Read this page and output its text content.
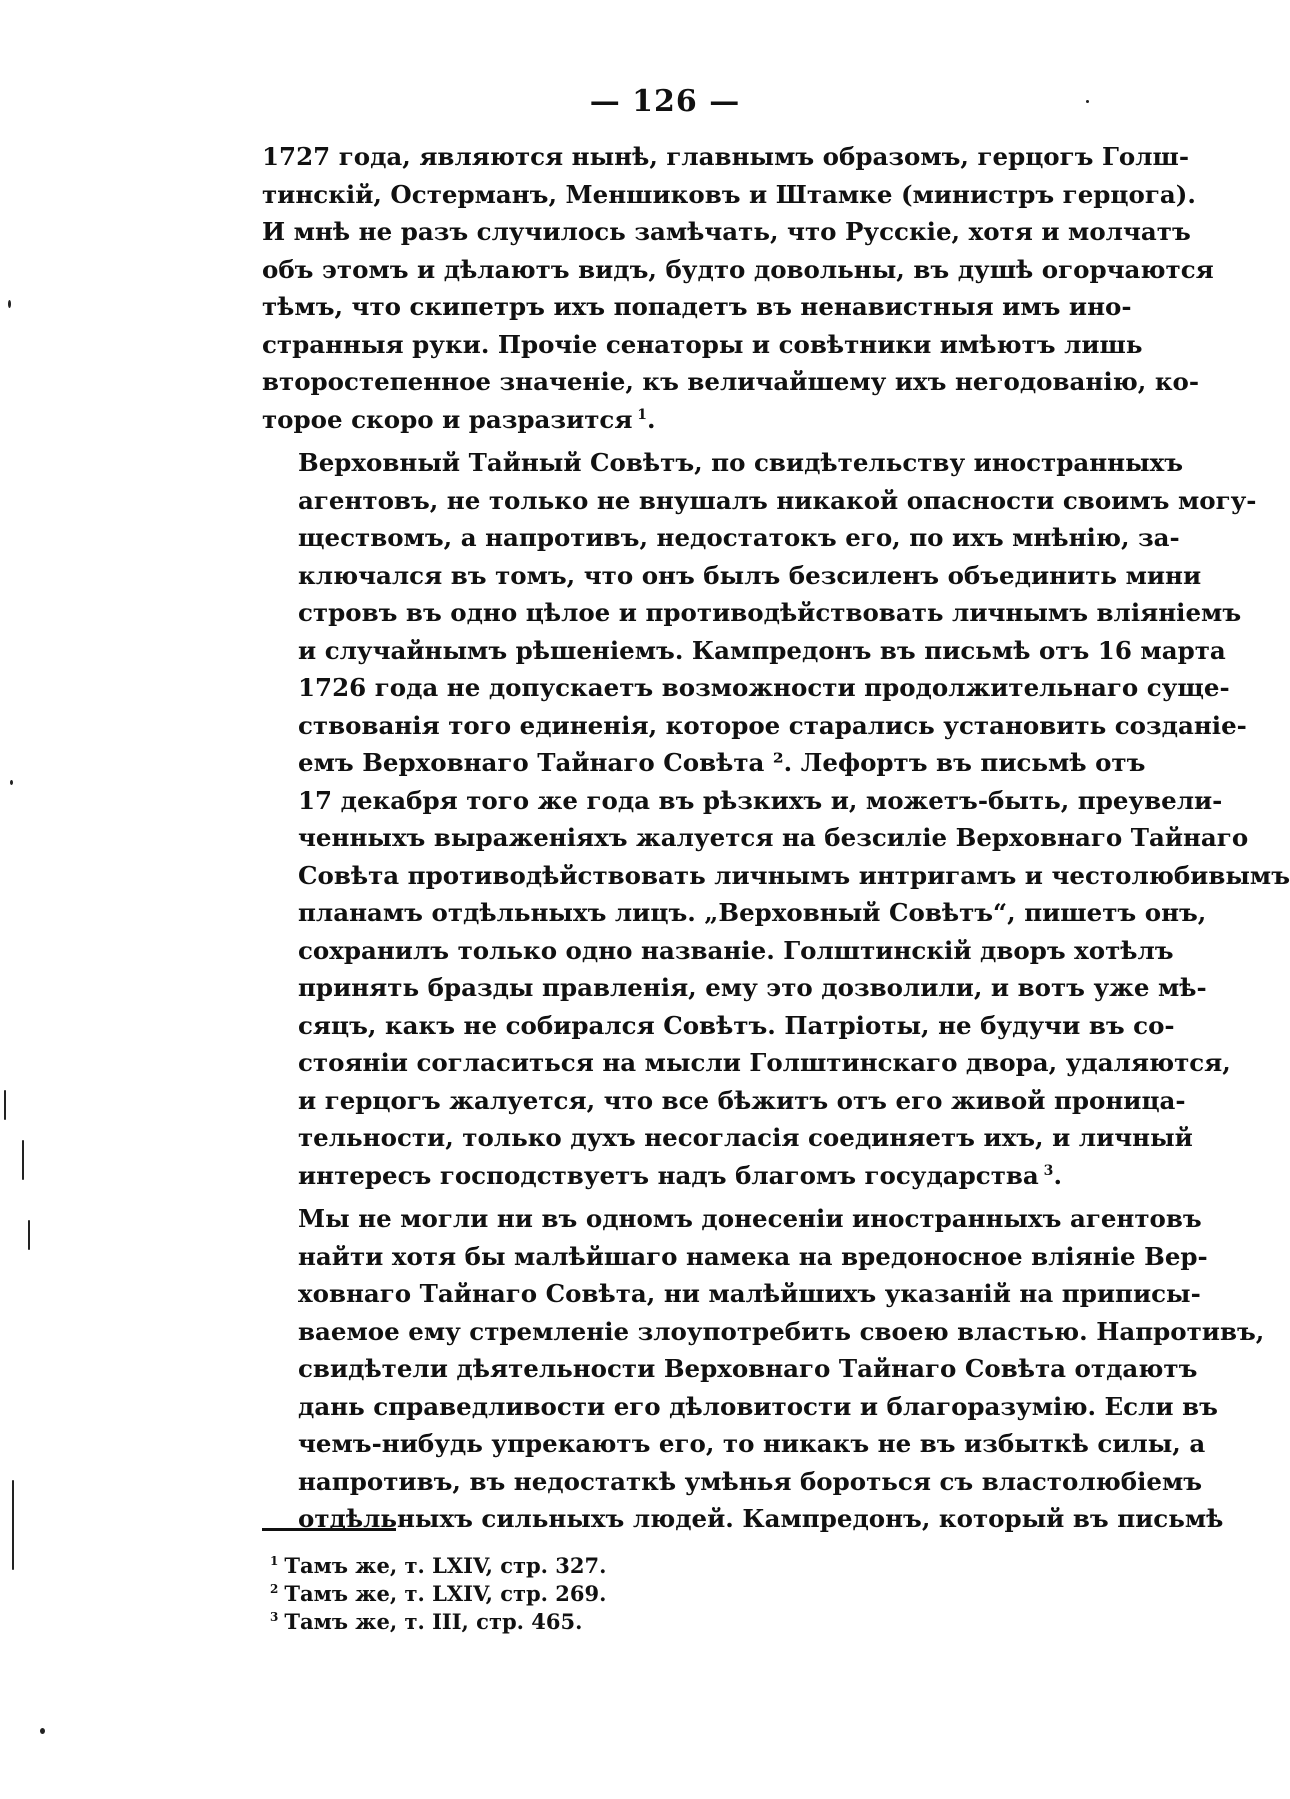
— 126 —
1727 года, являются нынѣ, главнымъ образомъ, герцогъ Голш-
тинскій, Остерманъ, Меншиковъ и Штамке (министръ герцога).
И мнѣ не разъ случилось замѣчать, что Русскіе, хотя и молчатъ
объ этомъ и дѣлаютъ видъ, будто довольны, въ душѣ огорчаются
тѣмъ, что скипетръ ихъ попадетъ въ ненавистныя имъ ино-
странныя руки. Прочіе сенаторы и совѣтники имѣютъ лишь
второстепенное значеніе, къ величайшему ихъ негодованію, ко-
торое скоро и разразится $^1$.
Верховный Тайный Совѣтъ, по свидѣтельству иностранныхъ
агентовъ, не только не внушалъ никакой опасности своимъ могу-
ществомъ, а напротивъ, недостатокъ его, по ихъ мнѣнію, за-
ключался въ томъ, что онъ былъ безсиленъ объединить мини
стровъ въ одно цѣлое и противодѣйствовать личнымъ вліяніемъ
и случайнымъ рѣшеніемъ. Кампредонъ въ письмѣ отъ 16 марта
1726 года не допускаетъ возможности продолжительнаго суще-
ствованія того единенія, которое старались установить созданіе-
емъ Верховнаго Тайнаго Совѣта ². Лефортъ въ письмѣ отъ
17 декабря того же года въ рѣзкихъ и, можетъ-быть, преувели-
ченныхъ выраженіяхъ жалуется на безсиліе Верховнаго Тайнаго
Совѣта противодѣйствовать личнымъ интригамъ и честолюбивымъ
планамъ отдѣльныхъ лицъ. „Верховный Совѣтъ“, пишетъ онъ,
сохранилъ только одно названіе. Голштинскій дворъ хотѣлъ
принять бразды правленія, ему это дозволили, и вотъ уже мѣ-
сяцъ, какъ не собирался Совѣтъ. Патріоты, не будучи въ со-
стояніи согласиться на мысли Голштинскаго двора, удаляются,
и герцогъ жалуется, что все бѣжитъ отъ его живой проница-
тельности, только духъ несогласія соединяетъ ихъ, и личный
интересъ господствуетъ надъ благомъ государства $^3$.
Мы не могли ни въ одномъ донесеніи иностранныхъ агентовъ
найти хотя бы малѣйшаго намека на вредоносное вліяніе Вер-
ховнаго Тайнаго Совѣта, ни малѣйшихъ указаній на приписы-
ваемое ему стремленіе злоупотребить своею властью. Напротивъ,
свидѣтели дѣятельности Верховнаго Тайнаго Совѣта отдаютъ
дань справедливости его дѣловитости и благоразумію. Если въ
чемъ-нибудь упрекаютъ его, то никакъ не въ избыткѣ силы, а
напротивъ, въ недостаткѣ умѣнья бороться съ властолюбіемъ
отдѣльныхъ сильныхъ людей. Кампредонъ, который въ письмѣ
$^1$ Тамъ же, т. LXIV, стр. 327.
$^2$ Тамъ же, т. LXIV, стр. 269.
$^3$ Тамъ же, т. III, стр. 465.
